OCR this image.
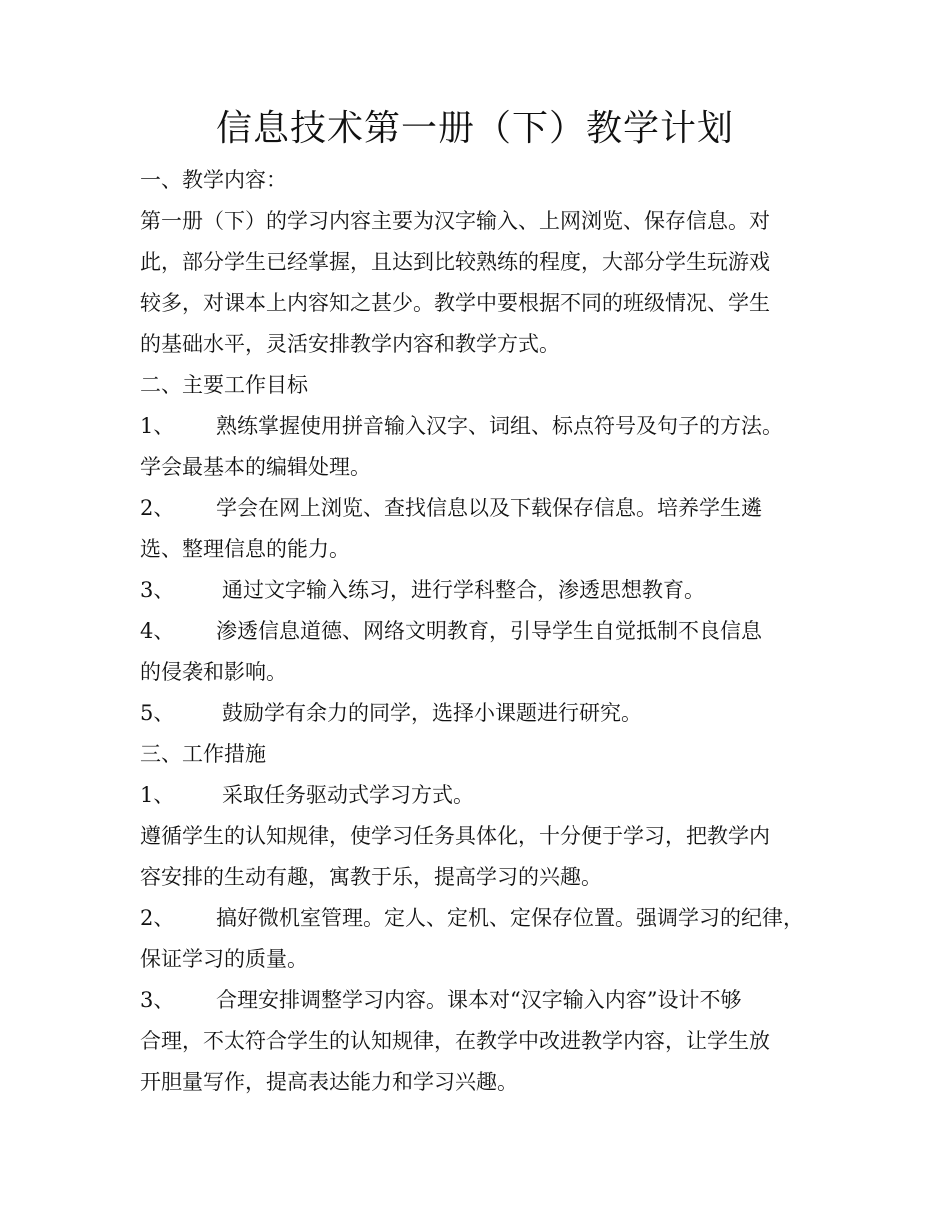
信息技术第一册（下）教学计划
一、教学内容：
第一册（下）的学习内容主要为汉字输入、上网浏览、保存信息。对
此，部分学生已经掌握，且达到比较熟练的程度，大部分学生玩游戏
较多，对课本上内容知之甚少。教学中要根据不同的班级情况、学生
的基础水平，灵活安排教学内容和教学方式。
二、主要工作目标
1、 熟练掌握使用拼音输入汉字、词组、标点符号及句子的方法。
学会最基本的编辑处理。
2、 学会在网上浏览、查找信息以及下载保存信息。培养学生遴
选、整理信息的能力。
3、 通过文字输入练习，进行学科整合，渗透思想教育。
4、 渗透信息道德、网络文明教育，引导学生自觉抵制不良信息
的侵袭和影响。
5、 鼓励学有余力的同学，选择小课题进行研究。
三、工作措施
1、 采取任务驱动式学习方式。
遵循学生的认知规律，使学习任务具体化，十分便于学习，把教学内
容安排的生动有趣，寓教于乐，提高学习的兴趣。
2、 搞好微机室管理。定人、定机、定保存位置。强调学习的纪律，
保证学习的质量。
3、 合理安排调整学习内容。课本对“汉字输入内容”设计不够
合理，不太符合学生的认知规律，在教学中改进教学内容，让学生放
开胆量写作，提高表达能力和学习兴趣。
